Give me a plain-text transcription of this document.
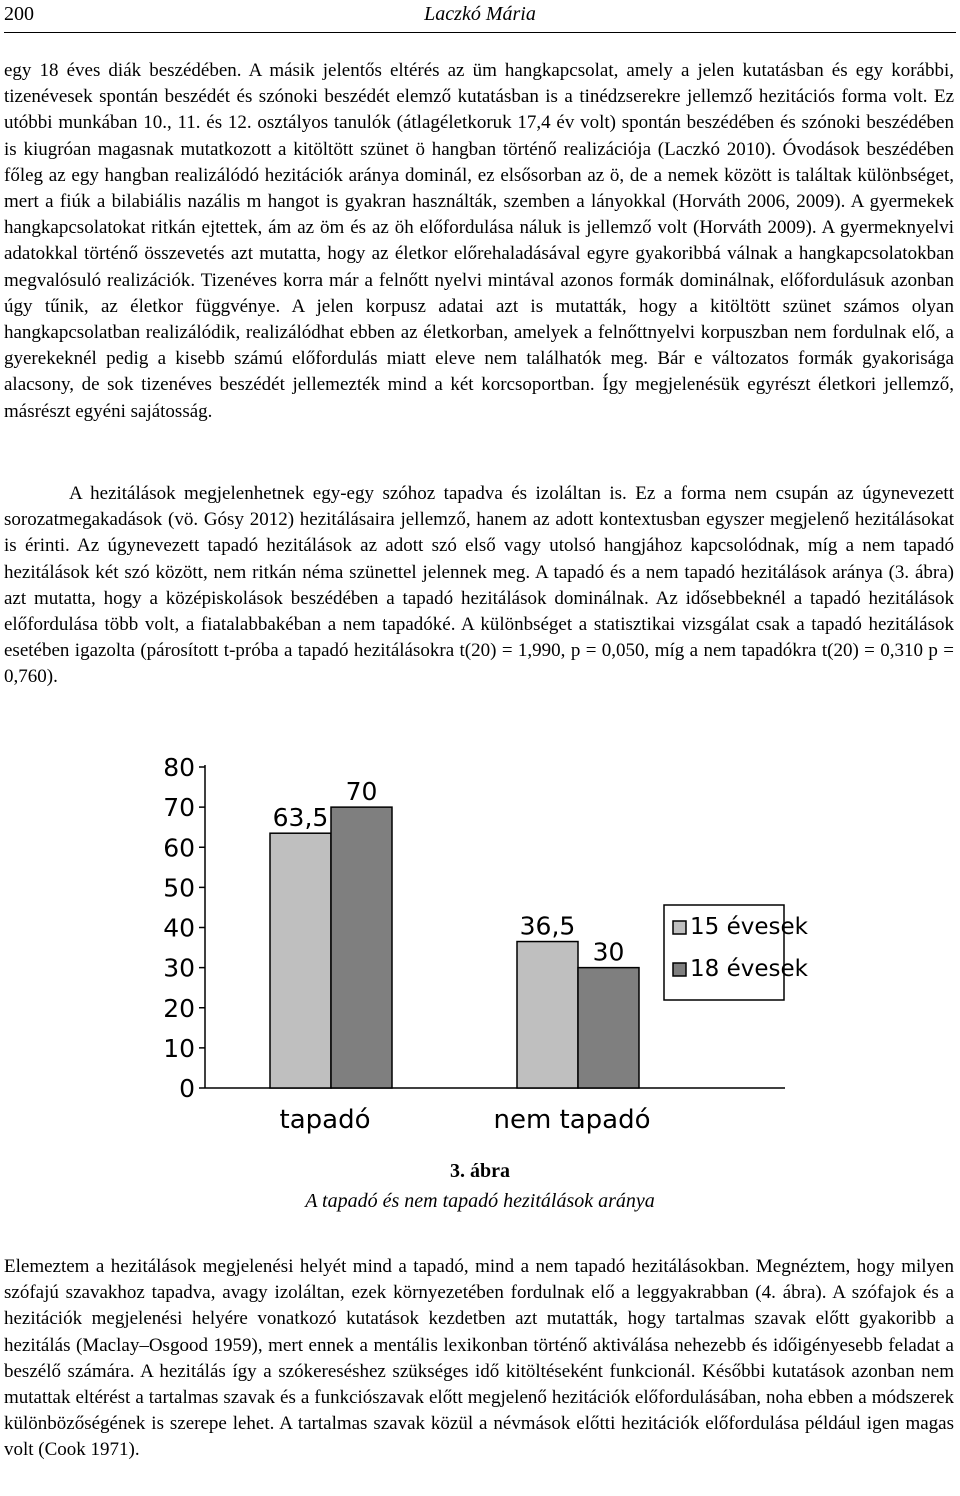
200	Laczkó Mária

egy 18 éves diák beszédében. A másik jelentős eltérés az üm hangkapcsolat, amely a jelen kutatásban és egy korábbi, tizenévesek spontán beszédét és szónoki beszédét elemző kutatásban is a tinédzserekre jellemző hezitációs forma volt. Ez utóbbi munkában 10., 11. és 12. osztályos tanulók (átlagéletkoruk 17,4 év volt) spontán beszédében és szónoki beszédében is kiugróan magasnak mutatkozott a kitöltött szünet ö hangban történő realizációja (Laczkó 2010). Óvodások beszédében főleg az egy hangban realizálódó hezitációk aránya dominál, ez elsősorban az ö, de a nemek között is találtak különbséget, mert a fiúk a bilabiális nazális m hangot is gyakran használták, szemben a lányokkal (Horváth 2006, 2009). A gyermekek hangkapcsolatokat ritkán ejtettek, ám az öm és az öh előfordulása náluk is jellemző volt (Horváth 2009). A gyermeknyelvi adatokkal történő összevetés azt mutatta, hogy az életkor előrehaladásával egyre gyakoribbá válnak a hangkapcsolatokban megvalósuló realizációk. Tizenéves korra már a felnőtt nyelvi mintával azonos formák dominálnak, előfordulásuk azonban úgy tűnik, az életkor függvénye. A jelen korpusz adatai azt is mutatták, hogy a kitöltött szünet számos olyan hangkapcsolatban realizálódik, realizálódhat ebben az életkorban, amelyek a felnőttnyelvi korpuszban nem fordulnak elő, a gyerekeknél pedig a kisebb számú előfordulás miatt eleve nem találhatók meg. Bár e változatos formák gyakorisága alacsony, de sok tizenéves beszédét jellemezték mind a két korcsoportban. Így megjelenésük egyrészt életkori jellemző, másrészt egyéni sajátosság.

A hezitálások megjelenhetnek egy-egy szóhoz tapadva és izoláltan is. Ez a forma nem csupán az úgynevezett sorozatmegakadások (vö. Gósy 2012) hezitálásaira jellemző, hanem az adott kontextusban egyszer megjelenő hezitálásokat is érinti. Az úgynevezett tapadó hezitálások az adott szó első vagy utolsó hangjához kapcsolódnak, míg a nem tapadó hezitálások két szó között, nem ritkán néma szünettel jelennek meg. A tapadó és a nem tapadó hezitálások aránya (3. ábra) azt mutatta, hogy a középiskolások beszédében a tapadó hezitálások dominálnak. Az idősebbeknél a tapadó hezitálások előfordulása több volt, a fiatalabbakéban a nem tapadóké. A különbséget a statisztikai vizsgálat csak a tapadó hezitálások esetében igazolta (párosított t-próba a tapadó hezitálásokra t(20) = 1,990, p = 0,050, míg a nem tapadókra t(20) = 0,310 p = 0,760).

0
10
20
30
40
50
60
70
80
63,5
70
36,5
30
tapadó	nem tapadó
15 évesek
18 évesek
3. ábra
A tapadó és nem tapadó hezitálások aránya

Elemeztem a hezitálások megjelenési helyét mind a tapadó, mind a nem tapadó hezitálásokban. Megnéztem, hogy milyen szófajú szavakhoz tapadva, avagy izoláltan, ezek környezetében fordulnak elő a leggyakrabban (4. ábra). A szófajok és a hezitációk megjelenési helyére vonatkozó kutatások kezdetben azt mutatták, hogy tartalmas szavak előtt gyakoribb a hezitálás (Maclay–Osgood 1959), mert ennek a mentális lexikonban történő aktiválása nehezebb és időigényesebb feladat a beszélő számára. A hezitálás így a szókereséshez szükséges idő kitöltéseként funkcionál. Későbbi kutatások azonban nem mutattak eltérést a tartalmas szavak és a funkciószavak előtt megjelenő hezitációk előfordulásában, noha ebben a módszerek különbözőségének is szerepe lehet. A tartalmas szavak közül a névmások előtti hezitációk előfordulása például igen magas volt (Cook 1971).
